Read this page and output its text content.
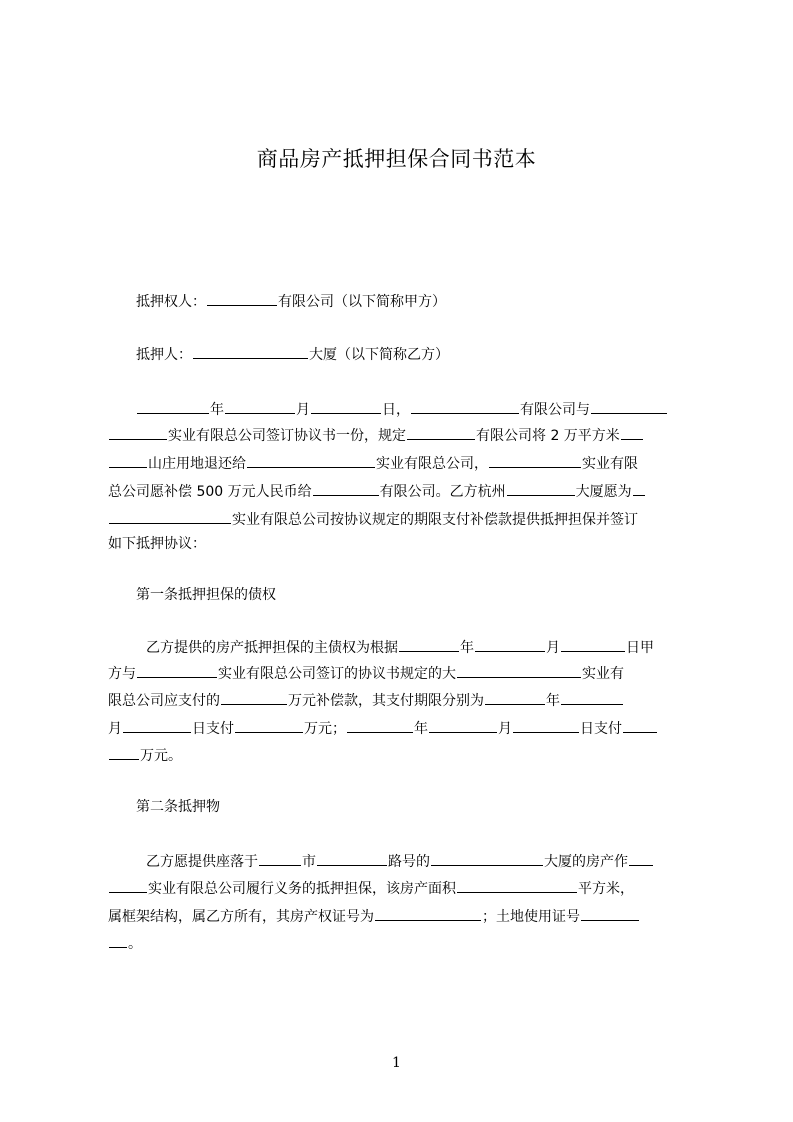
商品房产抵押担保合同书范本
抵押权人：	有限公司（以下简称甲方）
抵押人：	大厦（以下简称乙方）
年	月	日，	有限公司与
实业有限总公司签订协议书一份，规定	有限公司将 2 万平方米
山庄用地退还给	实业有限总公司，	实业有限
总公司愿补偿 500 万元人民币给	有限公司。乙方杭州	大厦愿为
实业有限总公司按协议规定的期限支付补偿款提供抵押担保并签订
如下抵押协议：
第一条抵押担保的债权
乙方提供的房产抵押担保的主债权为根据	年	月	日甲
方与	实业有限总公司签订的协议书规定的大	实业有
限总公司应支付的	万元补偿款，其支付期限分别为	年
月	日支付	万元；	年	月	日支付
万元。
第二条抵押物
乙方愿提供座落于	市	路号的	大厦的房产作
实业有限总公司履行义务的抵押担保，该房产面积	平方米，
属框架结构，属乙方所有，其房产权证号为	；土地使用证号
。
1
